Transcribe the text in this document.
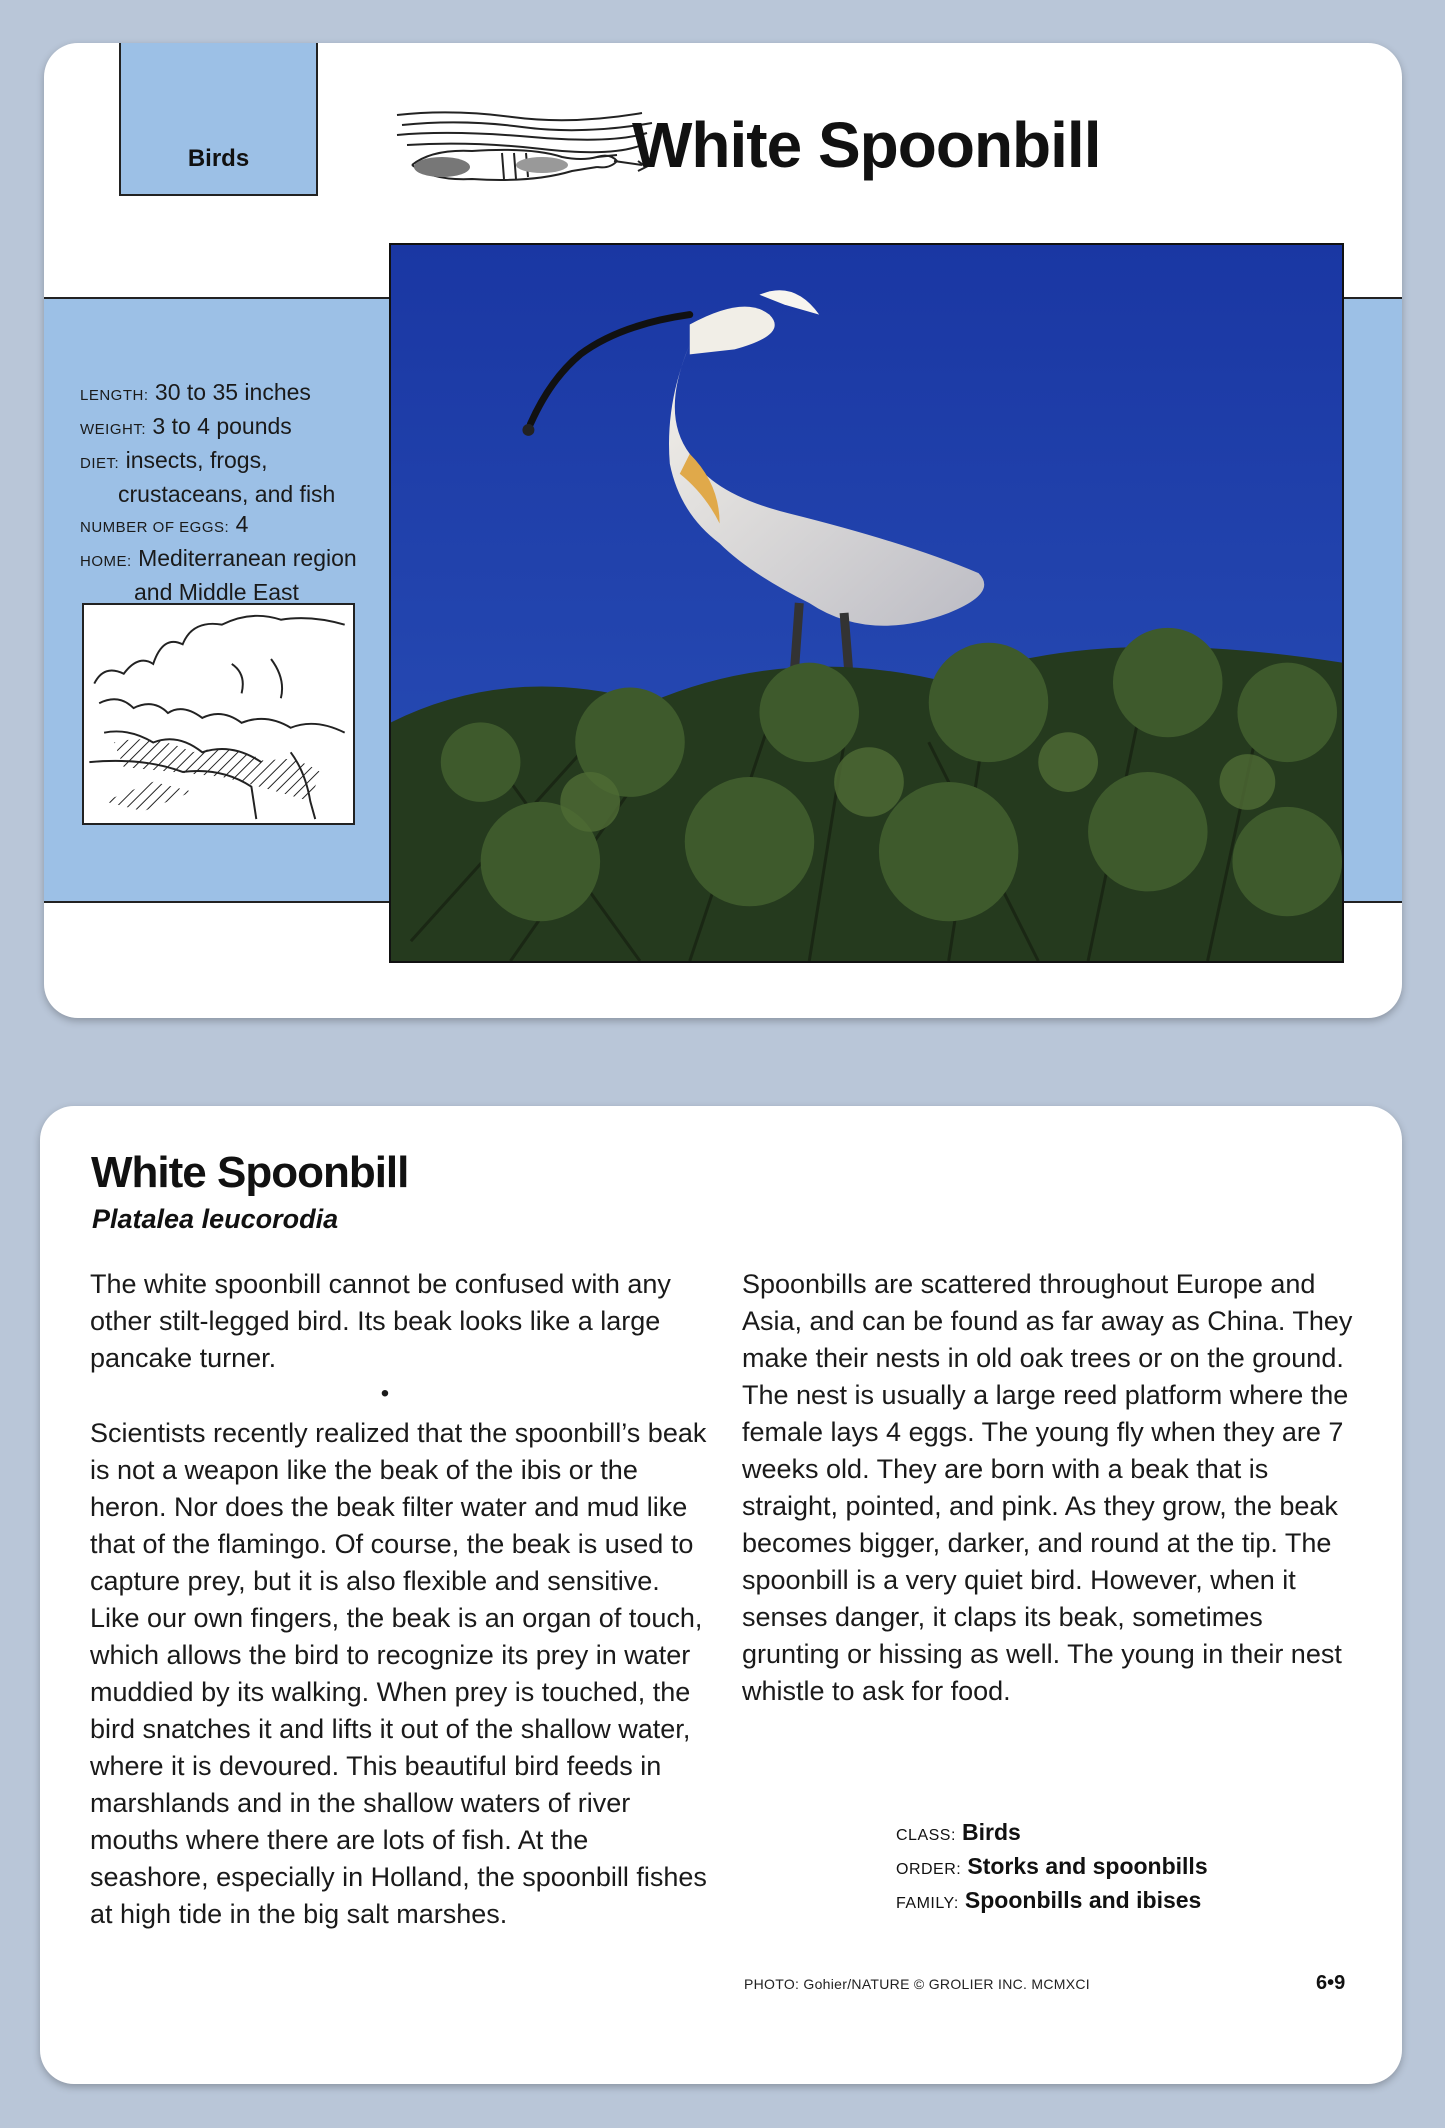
Birds	White Spoonbill
LENGTH: 30 to 35 inches
WEIGHT: 3 to 4 pounds
DIET: insects, frogs,
crustaceans, and fish
NUMBER OF EGGS: 4
HOME: Mediterranean region
and Middle East
White Spoonbill
Platalea leucorodia

The white spoonbill cannot be confused with any other stilt-legged bird. Its beak looks like a large pancake turner.

•

Scientists recently realized that the spoonbill’s beak is not a weapon like the beak of the ibis or the heron. Nor does the beak filter water and mud like that of the flamingo. Of course, the beak is used to capture prey, but it is also flexible and sensitive. Like our own fingers, the beak is an organ of touch, which allows the bird to recognize its prey in water muddied by its walking. When prey is touched, the bird snatches it and lifts it out of the shallow water, where it is devoured. This beautiful bird feeds in marshlands and in the shallow waters of river mouths where there are lots of fish. At the seashore, especially in Holland, the spoonbill fishes at high tide in the big salt marshes.

Spoonbills are scattered throughout Europe and Asia, and can be found as far away as China. They make their nests in old oak trees or on the ground. The nest is usually a large reed platform where the female lays 4 eggs. The young fly when they are 7 weeks old. They are born with a beak that is straight, pointed, and pink. As they grow, the beak becomes bigger, darker, and round at the tip. The spoonbill is a very quiet bird. However, when it senses danger, it claps its beak, sometimes grunting or hissing as well. The young in their nest whistle to ask for food.

CLASS: Birds
ORDER: Storks and spoonbills
FAMILY: Spoonbills and ibises
PHOTO: Gohier/NATURE © GROLIER INC. MCMXCI	6•9
